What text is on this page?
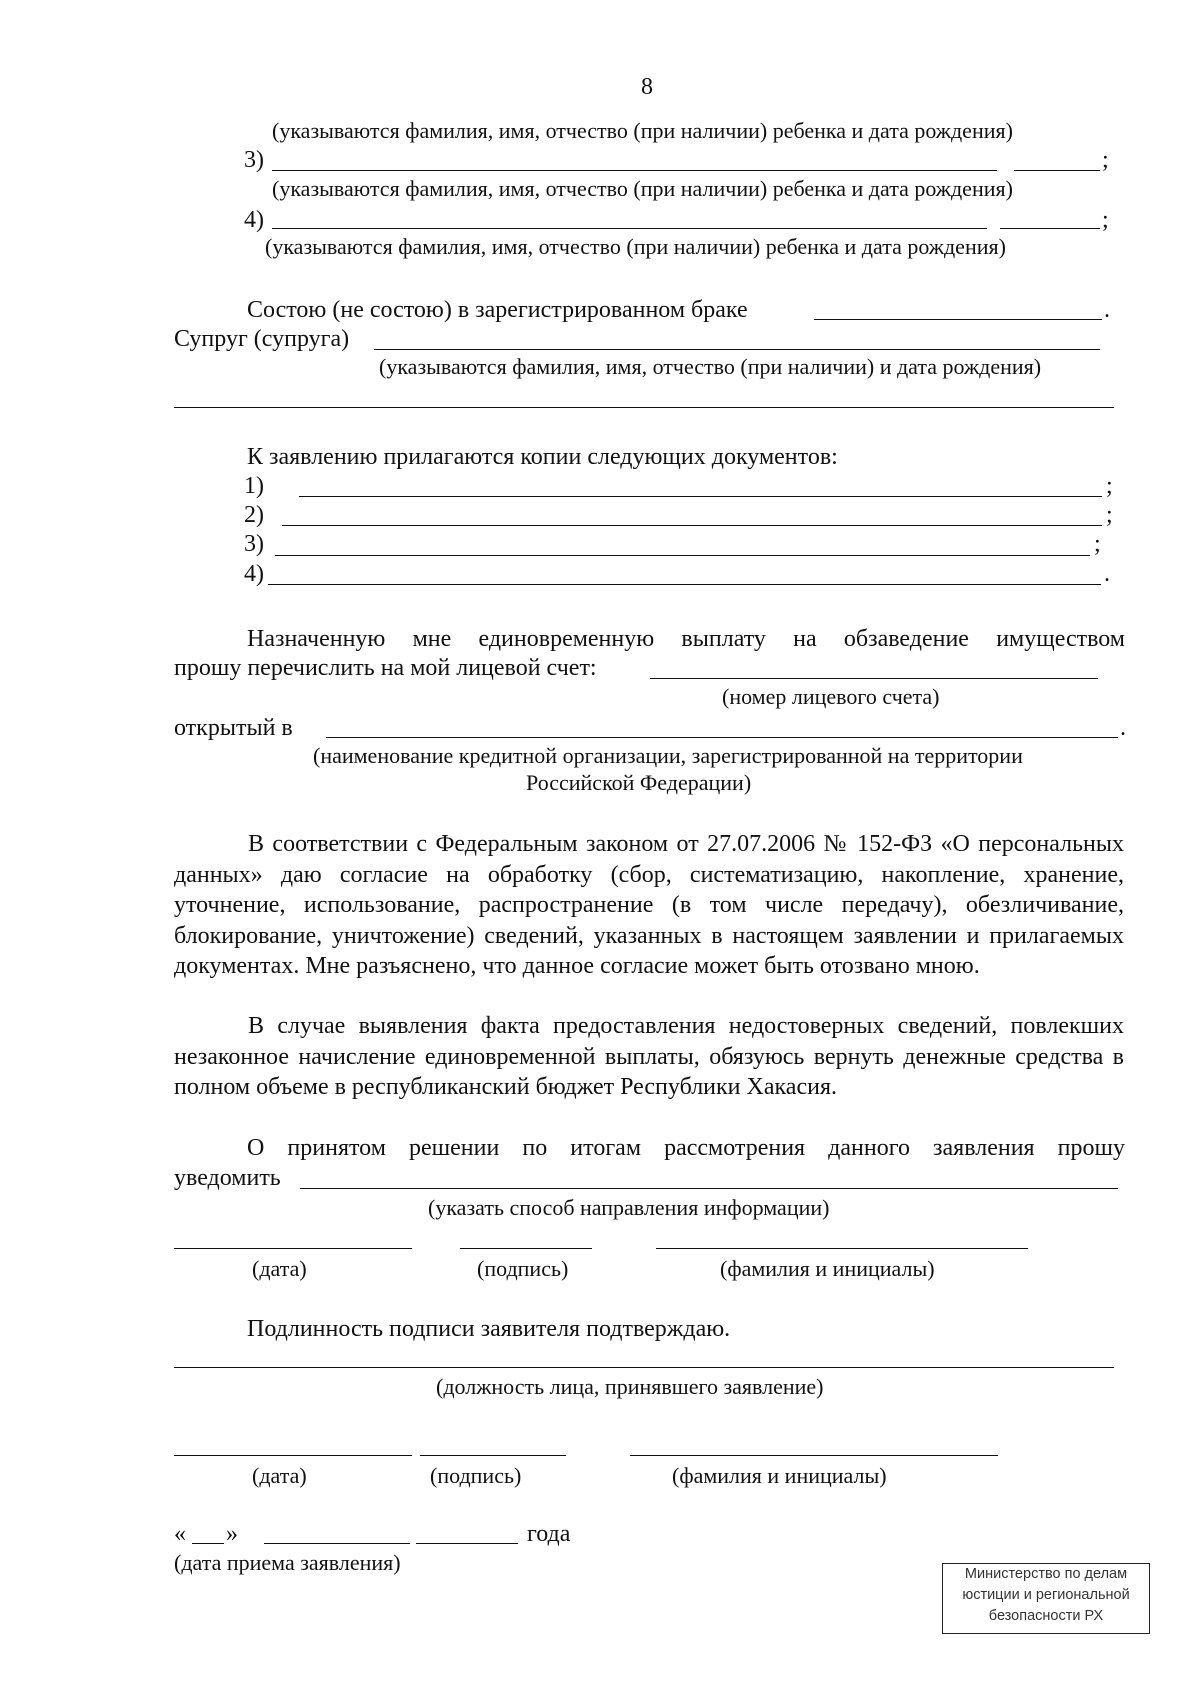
8
(указываются фамилия, имя, отчество (при наличии) ребенка и дата рождения)
3)	;
(указываются фамилия, имя, отчество (при наличии) ребенка и дата рождения)
4)	;
(указываются фамилия, имя, отчество (при наличии) ребенка и дата рождения)
Состою (не состою) в зарегистрированном браке	.
Супруг (супруга)
(указываются фамилия, имя, отчество (при наличии) и дата рождения)
К заявлению прилагаются копии следующих документов:
1)	;
2)	;
3)	;
4)	.
Назначенную мне единовременную выплату на обзаведение имуществом
прошу перечислить на мой лицевой счет:
(номер лицевого счета)
открытый в	.
(наименование кредитной организации, зарегистрированной на территории
Российской Федерации)
В соответствии с Федеральным законом от 27.07.2006 № 152-ФЗ «О персональных данных» даю согласие на обработку (сбор, систематизацию, накопление, хранение, уточнение, использование, распространение (в том числе передачу), обезличивание, блокирование, уничтожение) сведений, указанных в настоящем заявлении и прилагаемых документах. Мне разъяснено, что данное согласие может быть отозвано мною.
В случае выявления факта предоставления недостоверных сведений, повлекших незаконное начисление единовременной выплаты, обязуюсь вернуть денежные средства в полном объеме в республиканский бюджет Республики Хакасия.
О принятом решении по итогам рассмотрения данного заявления прошу
уведомить
(указать способ направления информации)
(дата)	(подпись)	(фамилия и инициалы)
Подлинность подписи заявителя подтверждаю.
(должность лица, принявшего заявление)
(дата)	(подпись)	(фамилия и инициалы)
« »	года
(дата приема заявления)	Министерство по делам
юстиции и региональной
безопасности РХ
